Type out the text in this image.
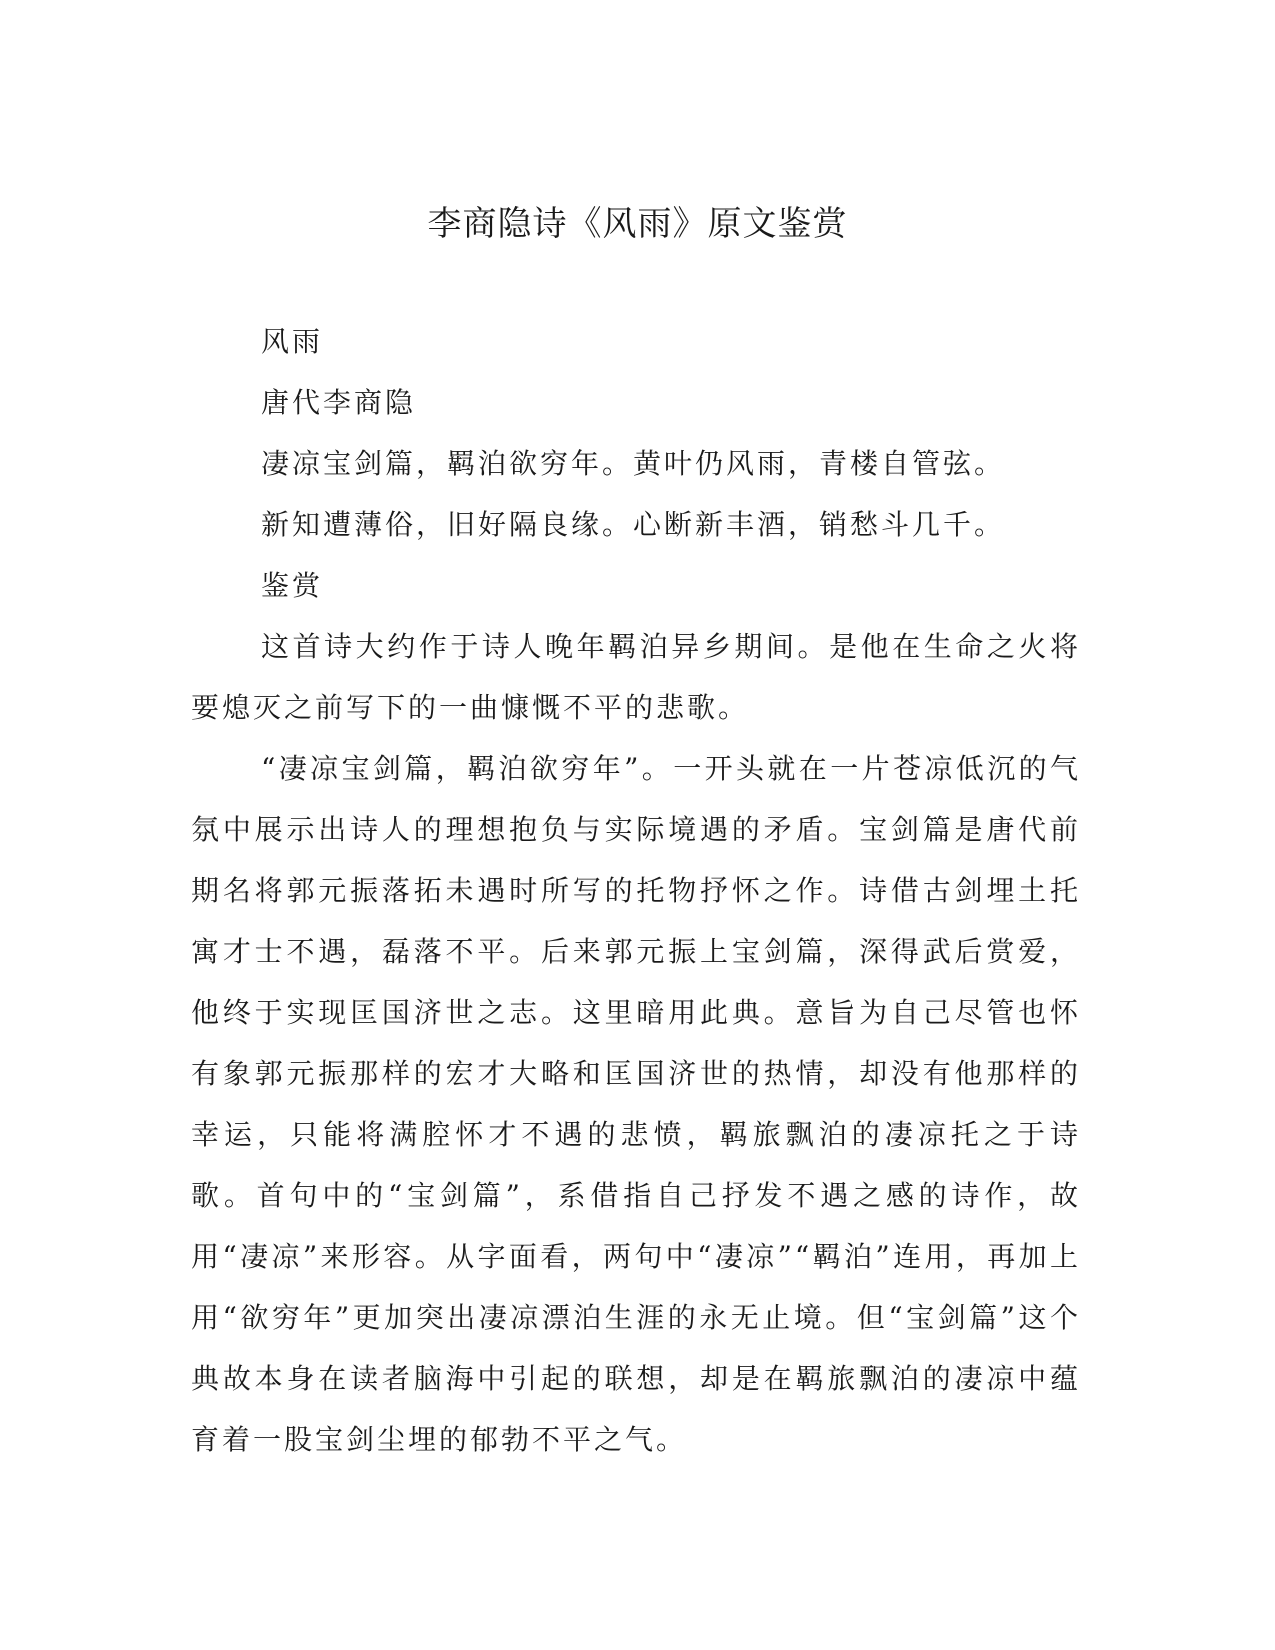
李商隐诗《风雨》原文鉴赏

风雨

唐代李商隐

凄凉宝剑篇，羁泊欲穷年。黄叶仍风雨，青楼自管弦。

新知遭薄俗，旧好隔良缘。心断新丰酒，销愁斗几千。

鉴赏

这首诗大约作于诗人晚年羁泊异乡期间。是他在生命之火将要熄灭之前写下的一曲慷慨不平的悲歌。

“凄凉宝剑篇，羁泊欲穷年”。一开头就在一片苍凉低沉的气氛中展示出诗人的理想抱负与实际境遇的矛盾。宝剑篇是唐代前期名将郭元振落拓未遇时所写的托物抒怀之作。诗借古剑埋土托寓才士不遇，磊落不平。后来郭元振上宝剑篇，深得武后赏爱，他终于实现匡国济世之志。这里暗用此典。意旨为自己尽管也怀有象郭元振那样的宏才大略和匡国济世的热情，却没有他那样的幸运，只能将满腔怀才不遇的悲愤，羁旅飘泊的凄凉托之于诗歌。首句中的“宝剑篇”，系借指自己抒发不遇之感的诗作，故用“凄凉”来形容。从字面看，两句中“凄凉”“羁泊”连用，再加上用“欲穷年”更加突出凄凉漂泊生涯的永无止境。但“宝剑篇”这个典故本身在读者脑海中引起的联想，却是在羁旅飘泊的凄凉中蕴育着一股宝剑尘埋的郁勃不平之气。
